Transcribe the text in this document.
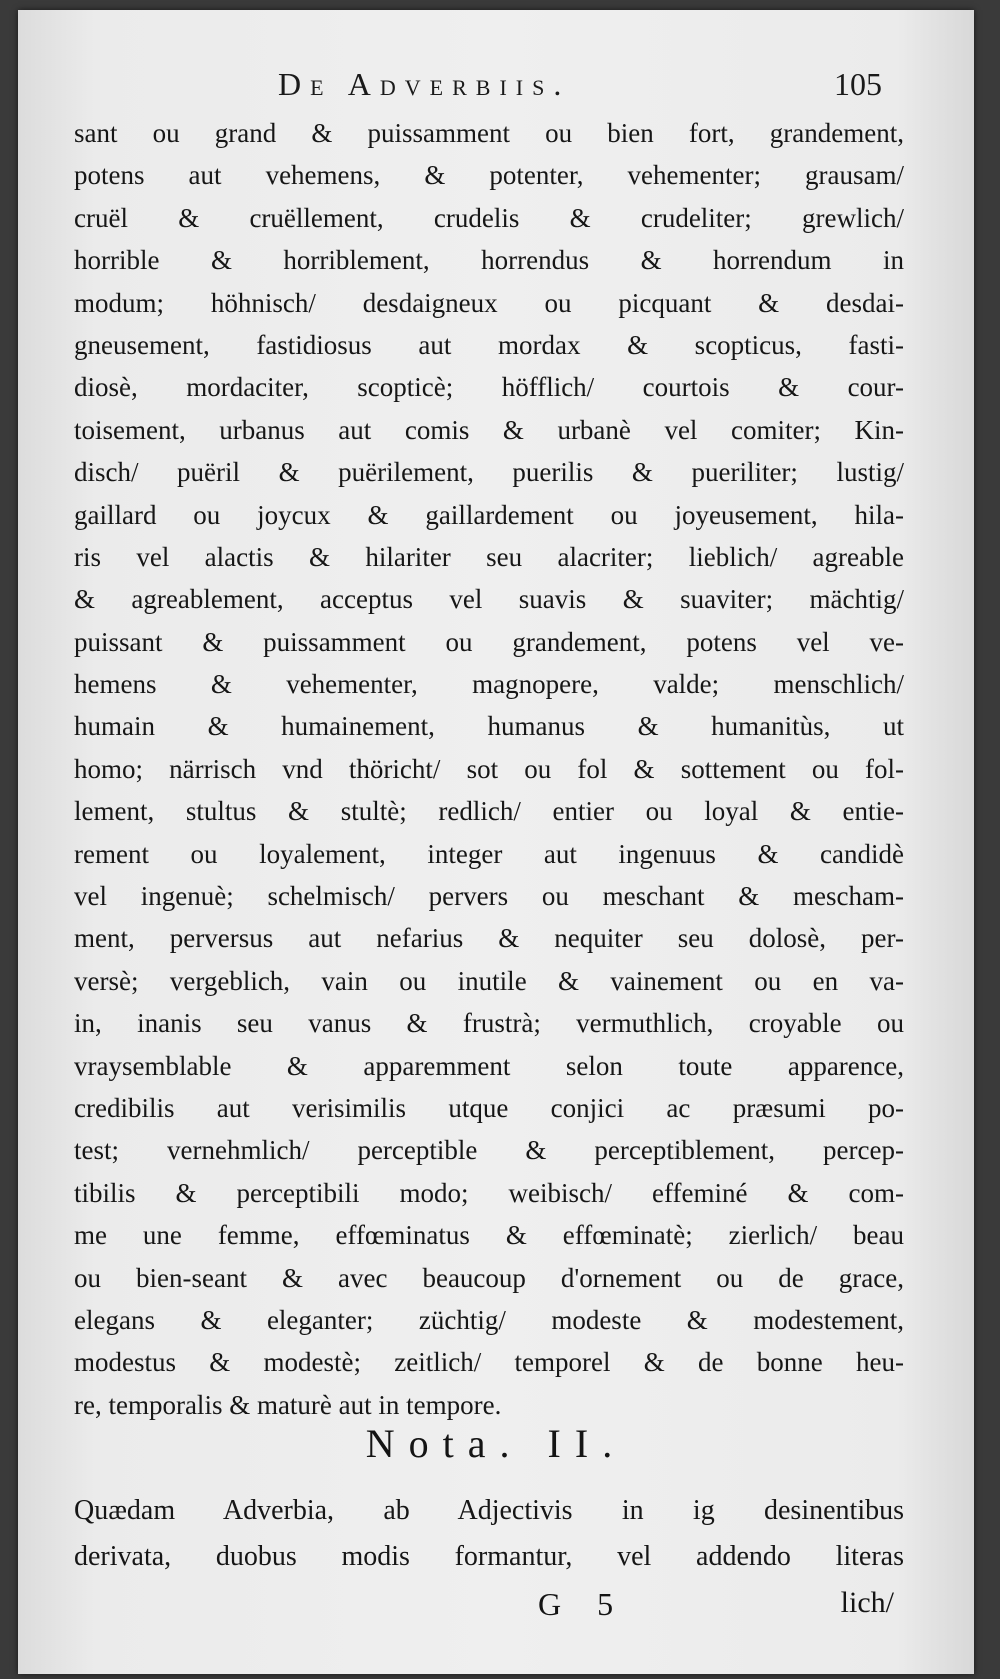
De Adverbiis.	105
sant ou grand & puissamment ou bien fort, grandement,
potens aut vehemens, & potenter, vehementer; grausam/
cruël & cruëllement, crudelis & crudeliter; grewlich/
horrible & horriblement, horrendus & horrendum in
modum; höhnisch/ desdaigneux ou picquant & desdai-
gneusement, fastidiosus aut mordax & scopticus, fasti-
diosè, mordaciter, scopticè; höfflich/ courtois & cour-
toisement, urbanus aut comis & urbanè vel comiter; Kin-
disch/ puëril & puërilement, puerilis & pueriliter; lustig/
gaillard ou joycux & gaillardement ou joyeusement, hila-
ris vel alactis & hilariter seu alacriter; lieblich/ agreable
& agreablement, acceptus vel suavis & suaviter; mächtig/
puissant & puissamment ou grandement, potens vel ve-
hemens & vehementer, magnopere, valde; menschlich/
humain & humainement, humanus & humanitùs, ut
homo; närrisch vnd thöricht/ sot ou fol & sottement ou fol-
lement, stultus & stultè; redlich/ entier ou loyal & entie-
rement ou loyalement, integer aut ingenuus & candidè
vel ingenuè; schelmisch/ pervers ou meschant & mescham-
ment, perversus aut nefarius & nequiter seu dolosè, per-
versè; vergeblich, vain ou inutile & vainement ou en va-
in, inanis seu vanus & frustrà; vermuthlich, croyable ou
vraysemblable & apparemment selon toute apparence,
credibilis aut verisimilis utque conjici ac præsumi po-
test; vernehmlich/ perceptible & perceptiblement, percep-
tibilis & perceptibili modo; weibisch/ effeminé & com-
me une femme, effœminatus & effœminatè; zierlich/ beau
ou bien-seant & avec beaucoup d'ornement ou de grace,
elegans & eleganter; züchtig/ modeste & modestement,
modestus & modestè; zeitlich/ temporel & de bonne heu-
re, temporalis & maturè aut in tempore.
Nota. II.
Quædam Adverbia, ab Adjectivis in ig desinentibus
derivata, duobus modis formantur, vel addendo literas
G 5	lich/
